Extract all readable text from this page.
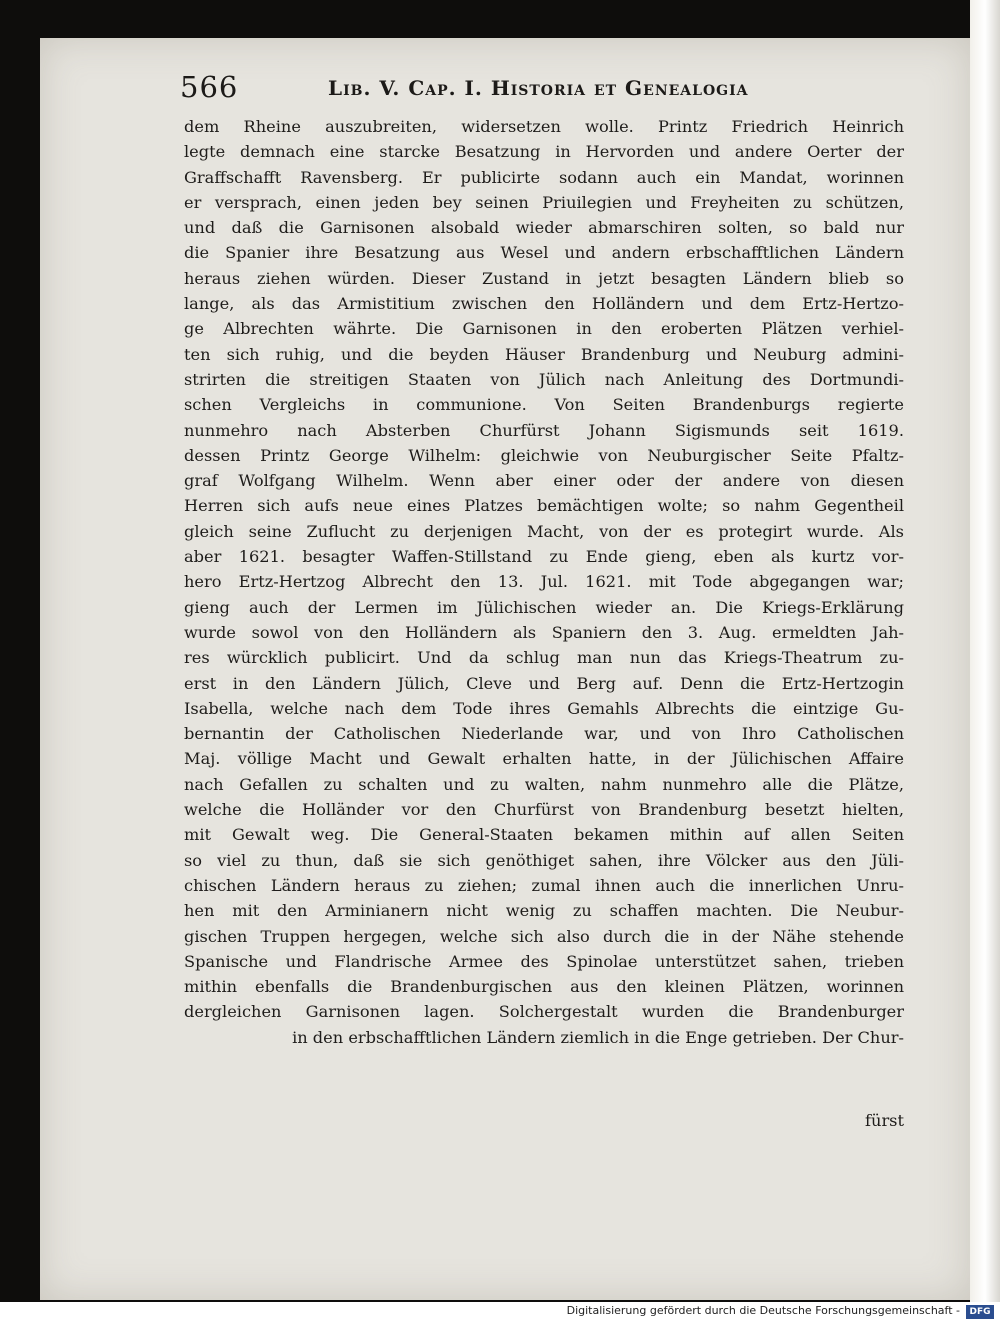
566	Lib. V. Cap. I. Historia et Genealogia
dem Rheine auszubreiten, widersetzen wolle. Printz Friedrich Heinrich
legte demnach eine starcke Besatzung in Hervorden und andere Oerter der
Graffschafft Ravensberg. Er publicirte sodann auch ein Mandat, worinnen
er versprach, einen jeden bey seinen Priuilegien und Freyheiten zu schützen,
und daß die Garnisonen alsobald wieder abmarschiren solten, so bald nur
die Spanier ihre Besatzung aus Wesel und andern erbschafftlichen Ländern
heraus ziehen würden. Dieser Zustand in jetzt besagten Ländern blieb so
lange, als das Armistitium zwischen den Holländern und dem Ertz-Hertzo-
ge Albrechten währte. Die Garnisonen in den eroberten Plätzen verhiel-
ten sich ruhig, und die beyden Häuser Brandenburg und Neuburg admini-
strirten die streitigen Staaten von Jülich nach Anleitung des Dortmundi-
schen Vergleichs in communione. Von Seiten Brandenburgs regierte
nunmehro nach Absterben Churfürst Johann Sigismunds seit 1619.
dessen Printz George Wilhelm: gleichwie von Neuburgischer Seite Pfaltz-
graf Wolfgang Wilhelm. Wenn aber einer oder der andere von diesen
Herren sich aufs neue eines Platzes bemächtigen wolte; so nahm Gegentheil
gleich seine Zuflucht zu derjenigen Macht, von der es protegirt wurde. Als
aber 1621. besagter Waffen-Stillstand zu Ende gieng, eben als kurtz vor-
hero Ertz-Hertzog Albrecht den 13. Jul. 1621. mit Tode abgegangen war;
gieng auch der Lermen im Jülichischen wieder an. Die Kriegs-Erklärung
wurde sowol von den Holländern als Spaniern den 3. Aug. ermeldten Jah-
res würcklich publicirt. Und da schlug man nun das Kriegs-Theatrum zu-
erst in den Ländern Jülich, Cleve und Berg auf. Denn die Ertz-Hertzogin
Isabella, welche nach dem Tode ihres Gemahls Albrechts die eintzige Gu-
bernantin der Catholischen Niederlande war, und von Ihro Catholischen
Maj. völlige Macht und Gewalt erhalten hatte, in der Jülichischen Affaire
nach Gefallen zu schalten und zu walten, nahm nunmehro alle die Plätze,
welche die Holländer vor den Churfürst von Brandenburg besetzt hielten,
mit Gewalt weg. Die General-Staaten bekamen mithin auf allen Seiten
so viel zu thun, daß sie sich genöthiget sahen, ihre Völcker aus den Jüli-
chischen Ländern heraus zu ziehen; zumal ihnen auch die innerlichen Unru-
hen mit den Arminianern nicht wenig zu schaffen machten. Die Neubur-
gischen Truppen hergegen, welche sich also durch die in der Nähe stehende
Spanische und Flandrische Armee des Spinolae unterstützet sahen, trieben
mithin ebenfalls die Brandenburgischen aus den kleinen Plätzen, worinnen
dergleichen Garnisonen lagen. Solchergestalt wurden die Brandenburger
in den erbschafftlichen Ländern ziemlich in die Enge getrieben. Der Chur-
fürst
Digitalisierung gefördert durch die Deutsche Forschungsgemeinschaft -	DFG
